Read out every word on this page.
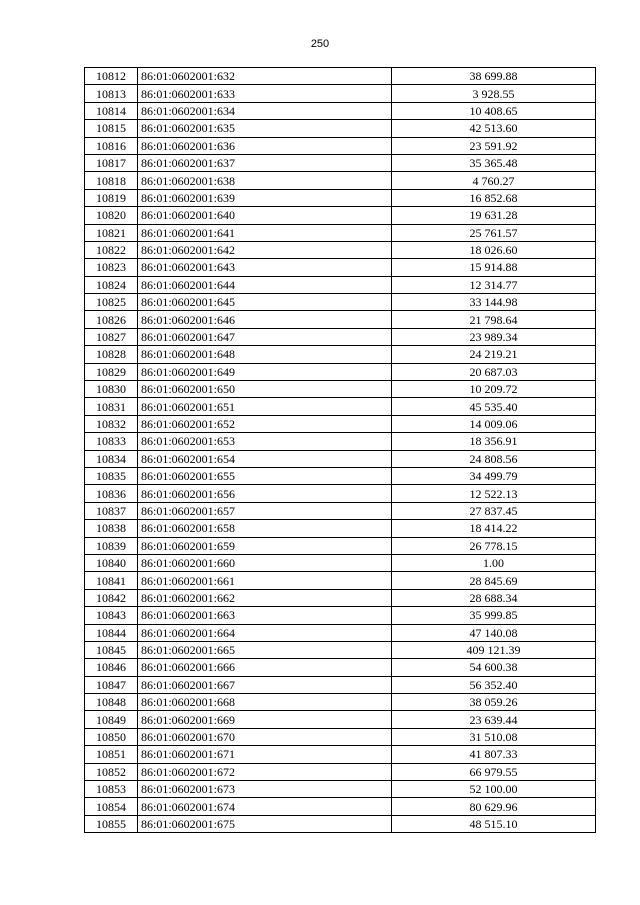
250
10812	86:01:0602001:632	38 699.88
10813	86:01:0602001:633	3 928.55
10814	86:01:0602001:634	10 408.65
10815	86:01:0602001:635	42 513.60
10816	86:01:0602001:636	23 591.92
10817	86:01:0602001:637	35 365.48
10818	86:01:0602001:638	4 760.27
10819	86:01:0602001:639	16 852.68
10820	86:01:0602001:640	19 631.28
10821	86:01:0602001:641	25 761.57
10822	86:01:0602001:642	18 026.60
10823	86:01:0602001:643	15 914.88
10824	86:01:0602001:644	12 314.77
10825	86:01:0602001:645	33 144.98
10826	86:01:0602001:646	21 798.64
10827	86:01:0602001:647	23 989.34
10828	86:01:0602001:648	24 219.21
10829	86:01:0602001:649	20 687.03
10830	86:01:0602001:650	10 209.72
10831	86:01:0602001:651	45 535.40
10832	86:01:0602001:652	14 009.06
10833	86:01:0602001:653	18 356.91
10834	86:01:0602001:654	24 808.56
10835	86:01:0602001:655	34 499.79
10836	86:01:0602001:656	12 522.13
10837	86:01:0602001:657	27 837.45
10838	86:01:0602001:658	18 414.22
10839	86:01:0602001:659	26 778.15
10840	86:01:0602001:660	1.00
10841	86:01:0602001:661	28 845.69
10842	86:01:0602001:662	28 688.34
10843	86:01:0602001:663	35 999.85
10844	86:01:0602001:664	47 140.08
10845	86:01:0602001:665	409 121.39
10846	86:01:0602001:666	54 600.38
10847	86:01:0602001:667	56 352.40
10848	86:01:0602001:668	38 059.26
10849	86:01:0602001:669	23 639.44
10850	86:01:0602001:670	31 510.08
10851	86:01:0602001:671	41 807.33
10852	86:01:0602001:672	66 979.55
10853	86:01:0602001:673	52 100.00
10854	86:01:0602001:674	80 629.96
10855	86:01:0602001:675	48 515.10
